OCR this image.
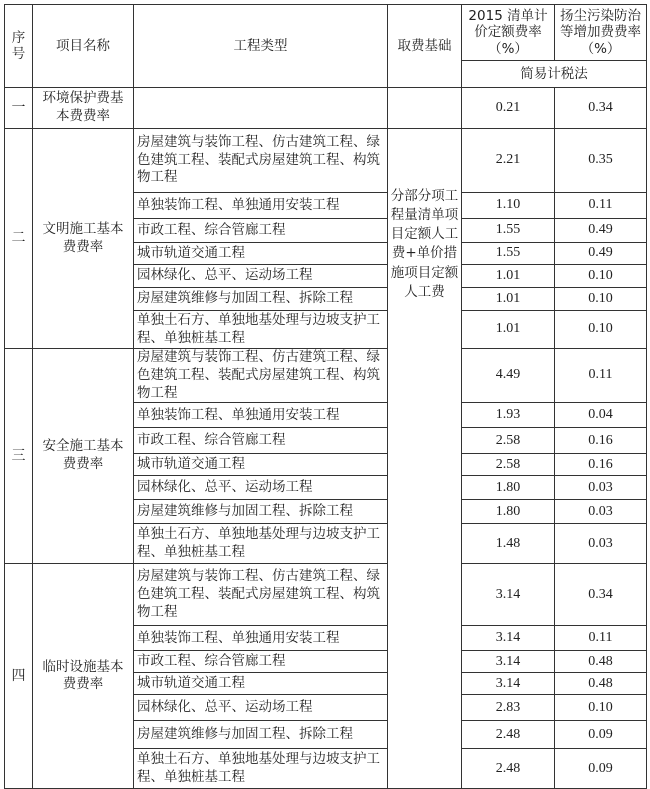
序号	项目名称	工程类型	取费基础	2015 清单计价定额费率（%）	扬尘污染防治等增加费费率（%）
				简易计税法	
一	环境保护费基本费费率			0.21	0.34
二	文明施工基本费费率	房屋建筑与装饰工程、仿古建筑工程、绿色建筑工程、装配式房屋建筑工程、构筑物工程	分部分项工程量清单项目定额人工费+单价措施项目定额人工费	2.21	0.35
		单独装饰工程、单独通用安装工程		1.10	0.11
		市政工程、综合管廊工程		1.55	0.49
		城市轨道交通工程		1.55	0.49
		园林绿化、总平、运动场工程		1.01	0.10
		房屋建筑维修与加固工程、拆除工程		1.01	0.10
		单独土石方、单独地基处理与边坡支护工程、单独桩基工程		1.01	0.10
三	安全施工基本费费率	房屋建筑与装饰工程、仿古建筑工程、绿色建筑工程、装配式房屋建筑工程、构筑物工程		4.49	0.11
		单独装饰工程、单独通用安装工程		1.93	0.04
		市政工程、综合管廊工程		2.58	0.16
		城市轨道交通工程		2.58	0.16
		园林绿化、总平、运动场工程		1.80	0.03
		房屋建筑维修与加固工程、拆除工程		1.80	0.03
		单独土石方、单独地基处理与边坡支护工程、单独桩基工程		1.48	0.03
四	临时设施基本费费率	房屋建筑与装饰工程、仿古建筑工程、绿色建筑工程、装配式房屋建筑工程、构筑物工程		3.14	0.34
		单独装饰工程、单独通用安装工程		3.14	0.11
		市政工程、综合管廊工程		3.14	0.48
		城市轨道交通工程		3.14	0.48
		园林绿化、总平、运动场工程		2.83	0.10
		房屋建筑维修与加固工程、拆除工程		2.48	0.09
		单独土石方、单独地基处理与边坡支护工程、单独桩基工程		2.48	0.09
